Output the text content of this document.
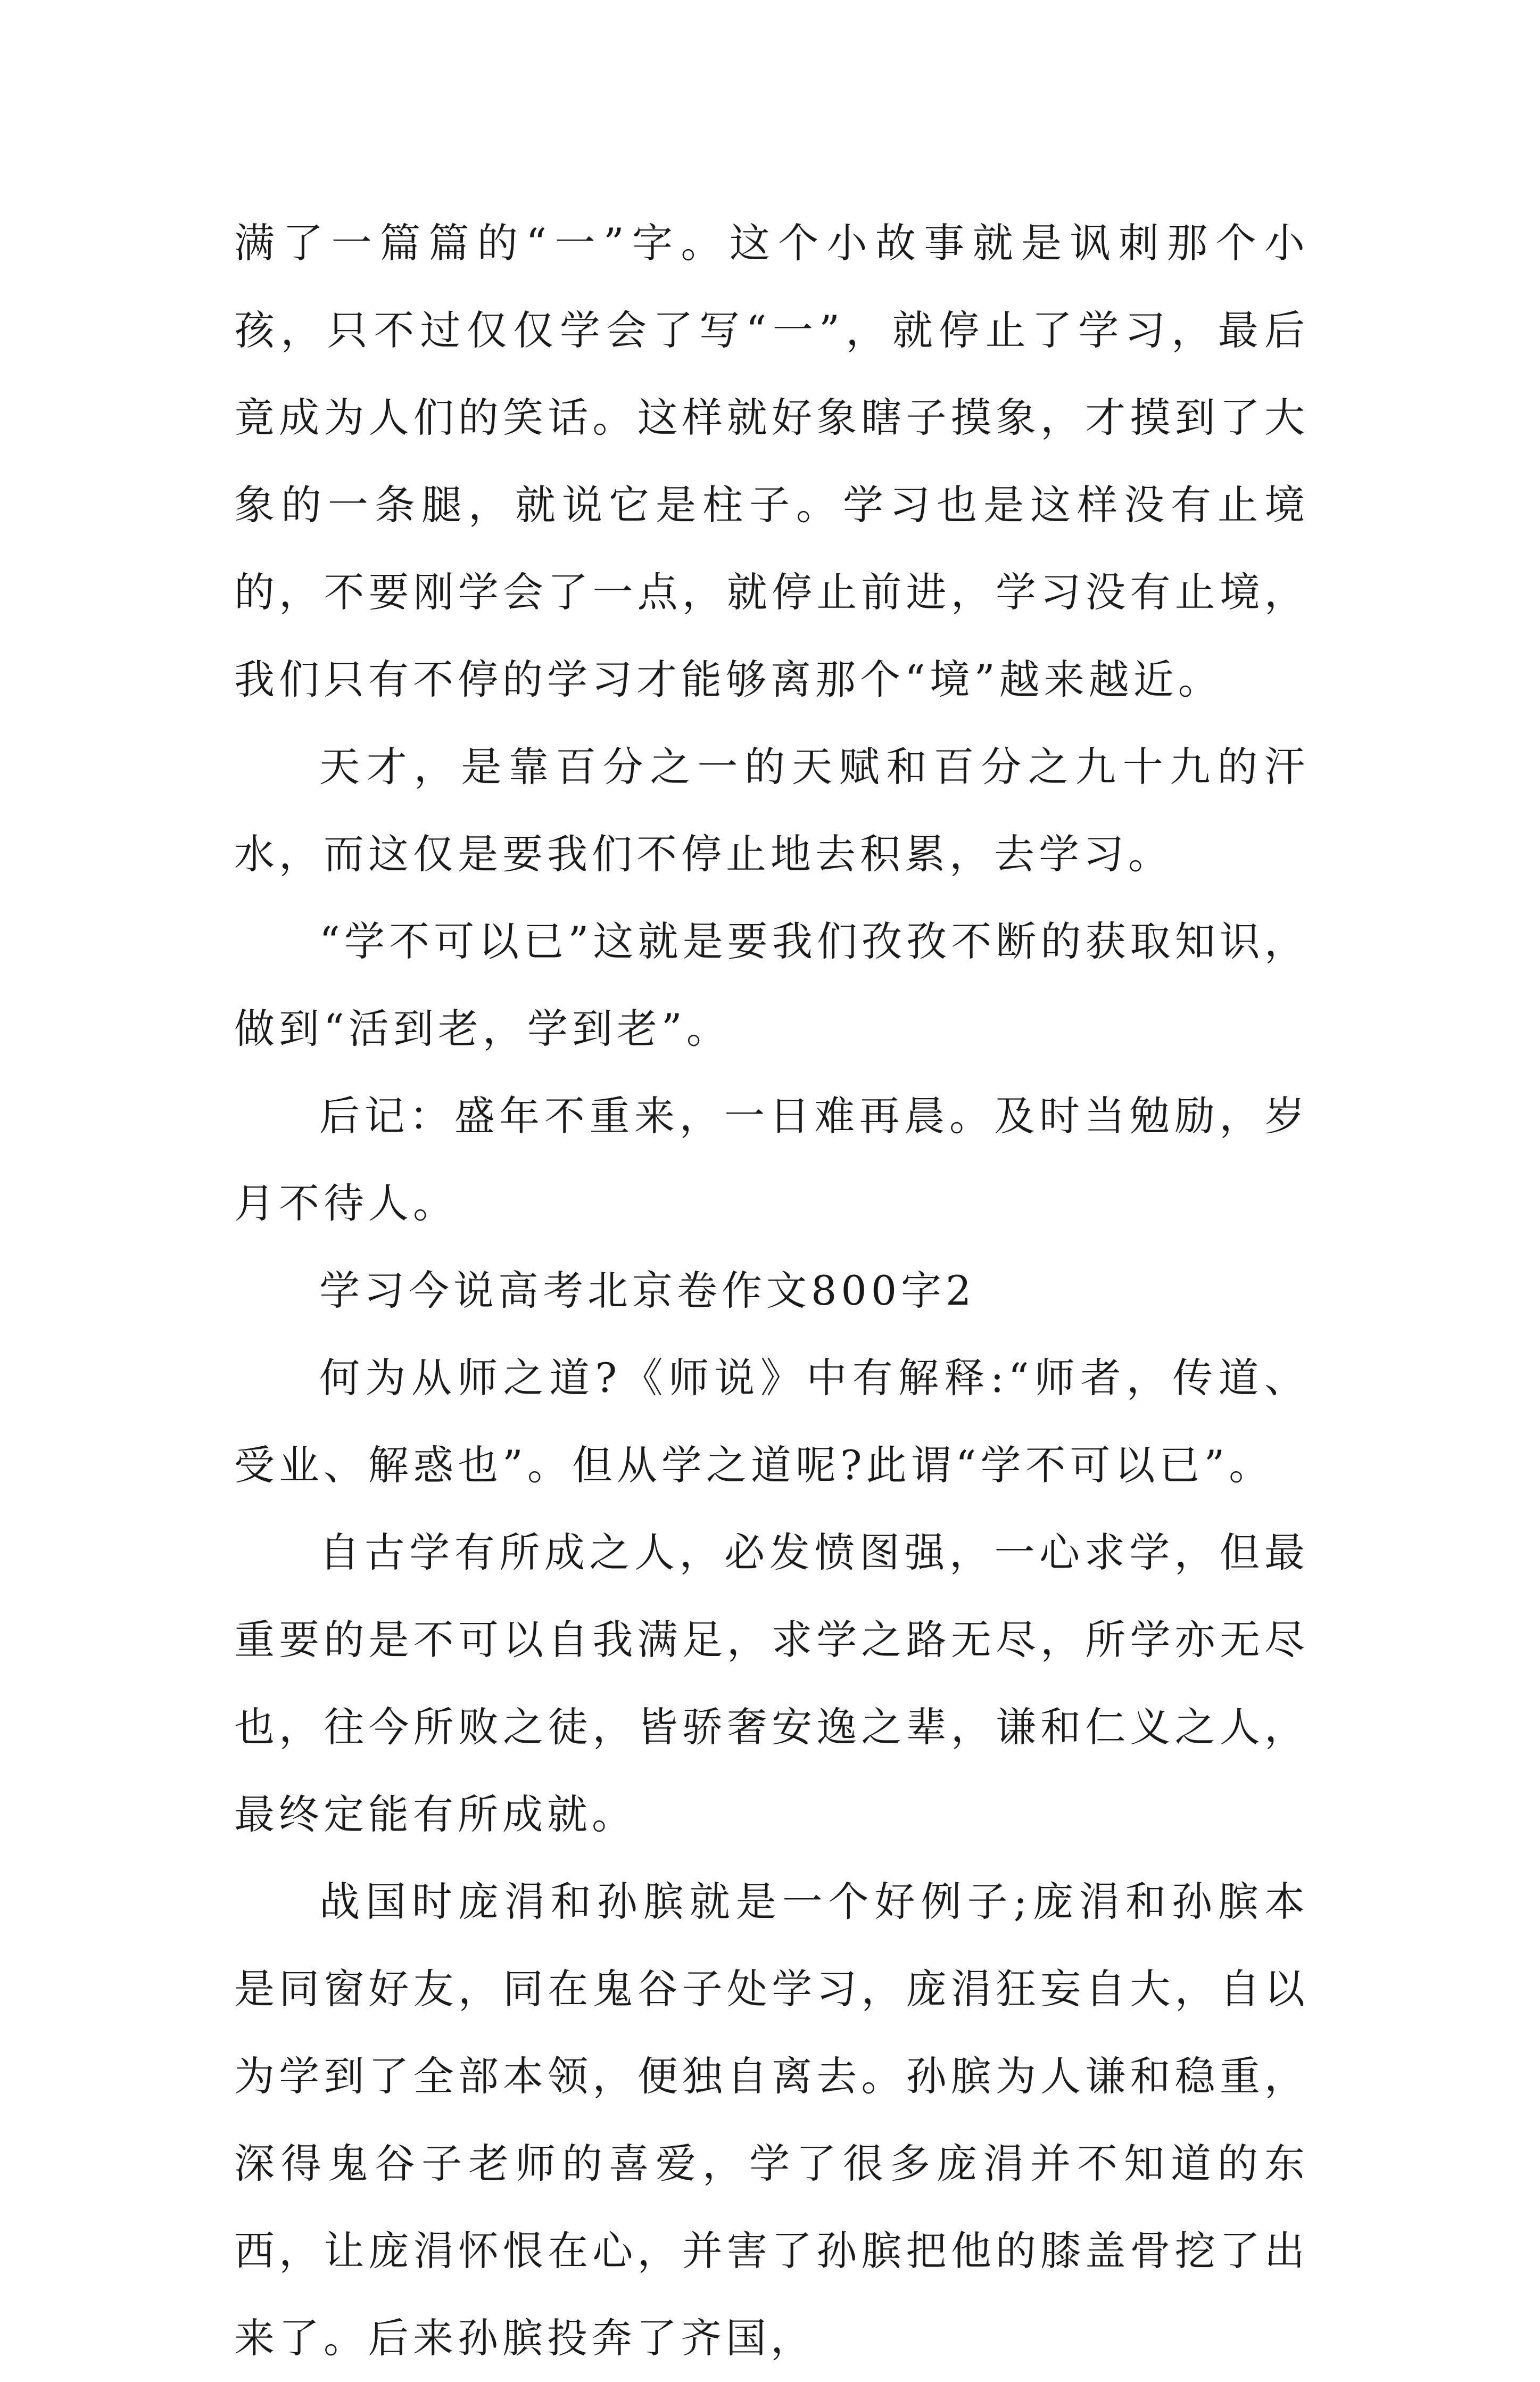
满了一篇篇的“一”字。这个小故事就是讽刺那个小孩，只不过仅仅学会了写“一”，就停止了学习，最后竟成为人们的笑话。这样就好象瞎子摸象，才摸到了大象的一条腿，就说它是柱子。学习也是这样没有止境的，不要刚学会了一点，就停止前进，学习没有止境，我们只有不停的学习才能够离那个“境”越来越近。

天才，是靠百分之一的天赋和百分之九十九的汗水，而这仅是要我们不停止地去积累，去学习。

“学不可以已”这就是要我们孜孜不断的获取知识，做到“活到老，学到老”。

后记：盛年不重来，一日难再晨。及时当勉励，岁月不待人。

学习今说高考北京卷作文800字2

何为从师之道?《师说》中有解释:“师者，传道、受业、解惑也”。但从学之道呢?此谓“学不可以已”。

自古学有所成之人，必发愤图强，一心求学，但最重要的是不可以自我满足，求学之路无尽，所学亦无尽也，往今所败之徒，皆骄奢安逸之辈，谦和仁义之人，最终定能有所成就。

战国时庞涓和孙膑就是一个好例子;庞涓和孙膑本是同窗好友，同在鬼谷子处学习，庞涓狂妄自大，自以为学到了全部本领，便独自离去。孙膑为人谦和稳重，深得鬼谷子老师的喜爱，学了很多庞涓并不知道的东西，让庞涓怀恨在心，并害了孙膑把他的膝盖骨挖了出来了。后来孙膑投奔了齐国，
